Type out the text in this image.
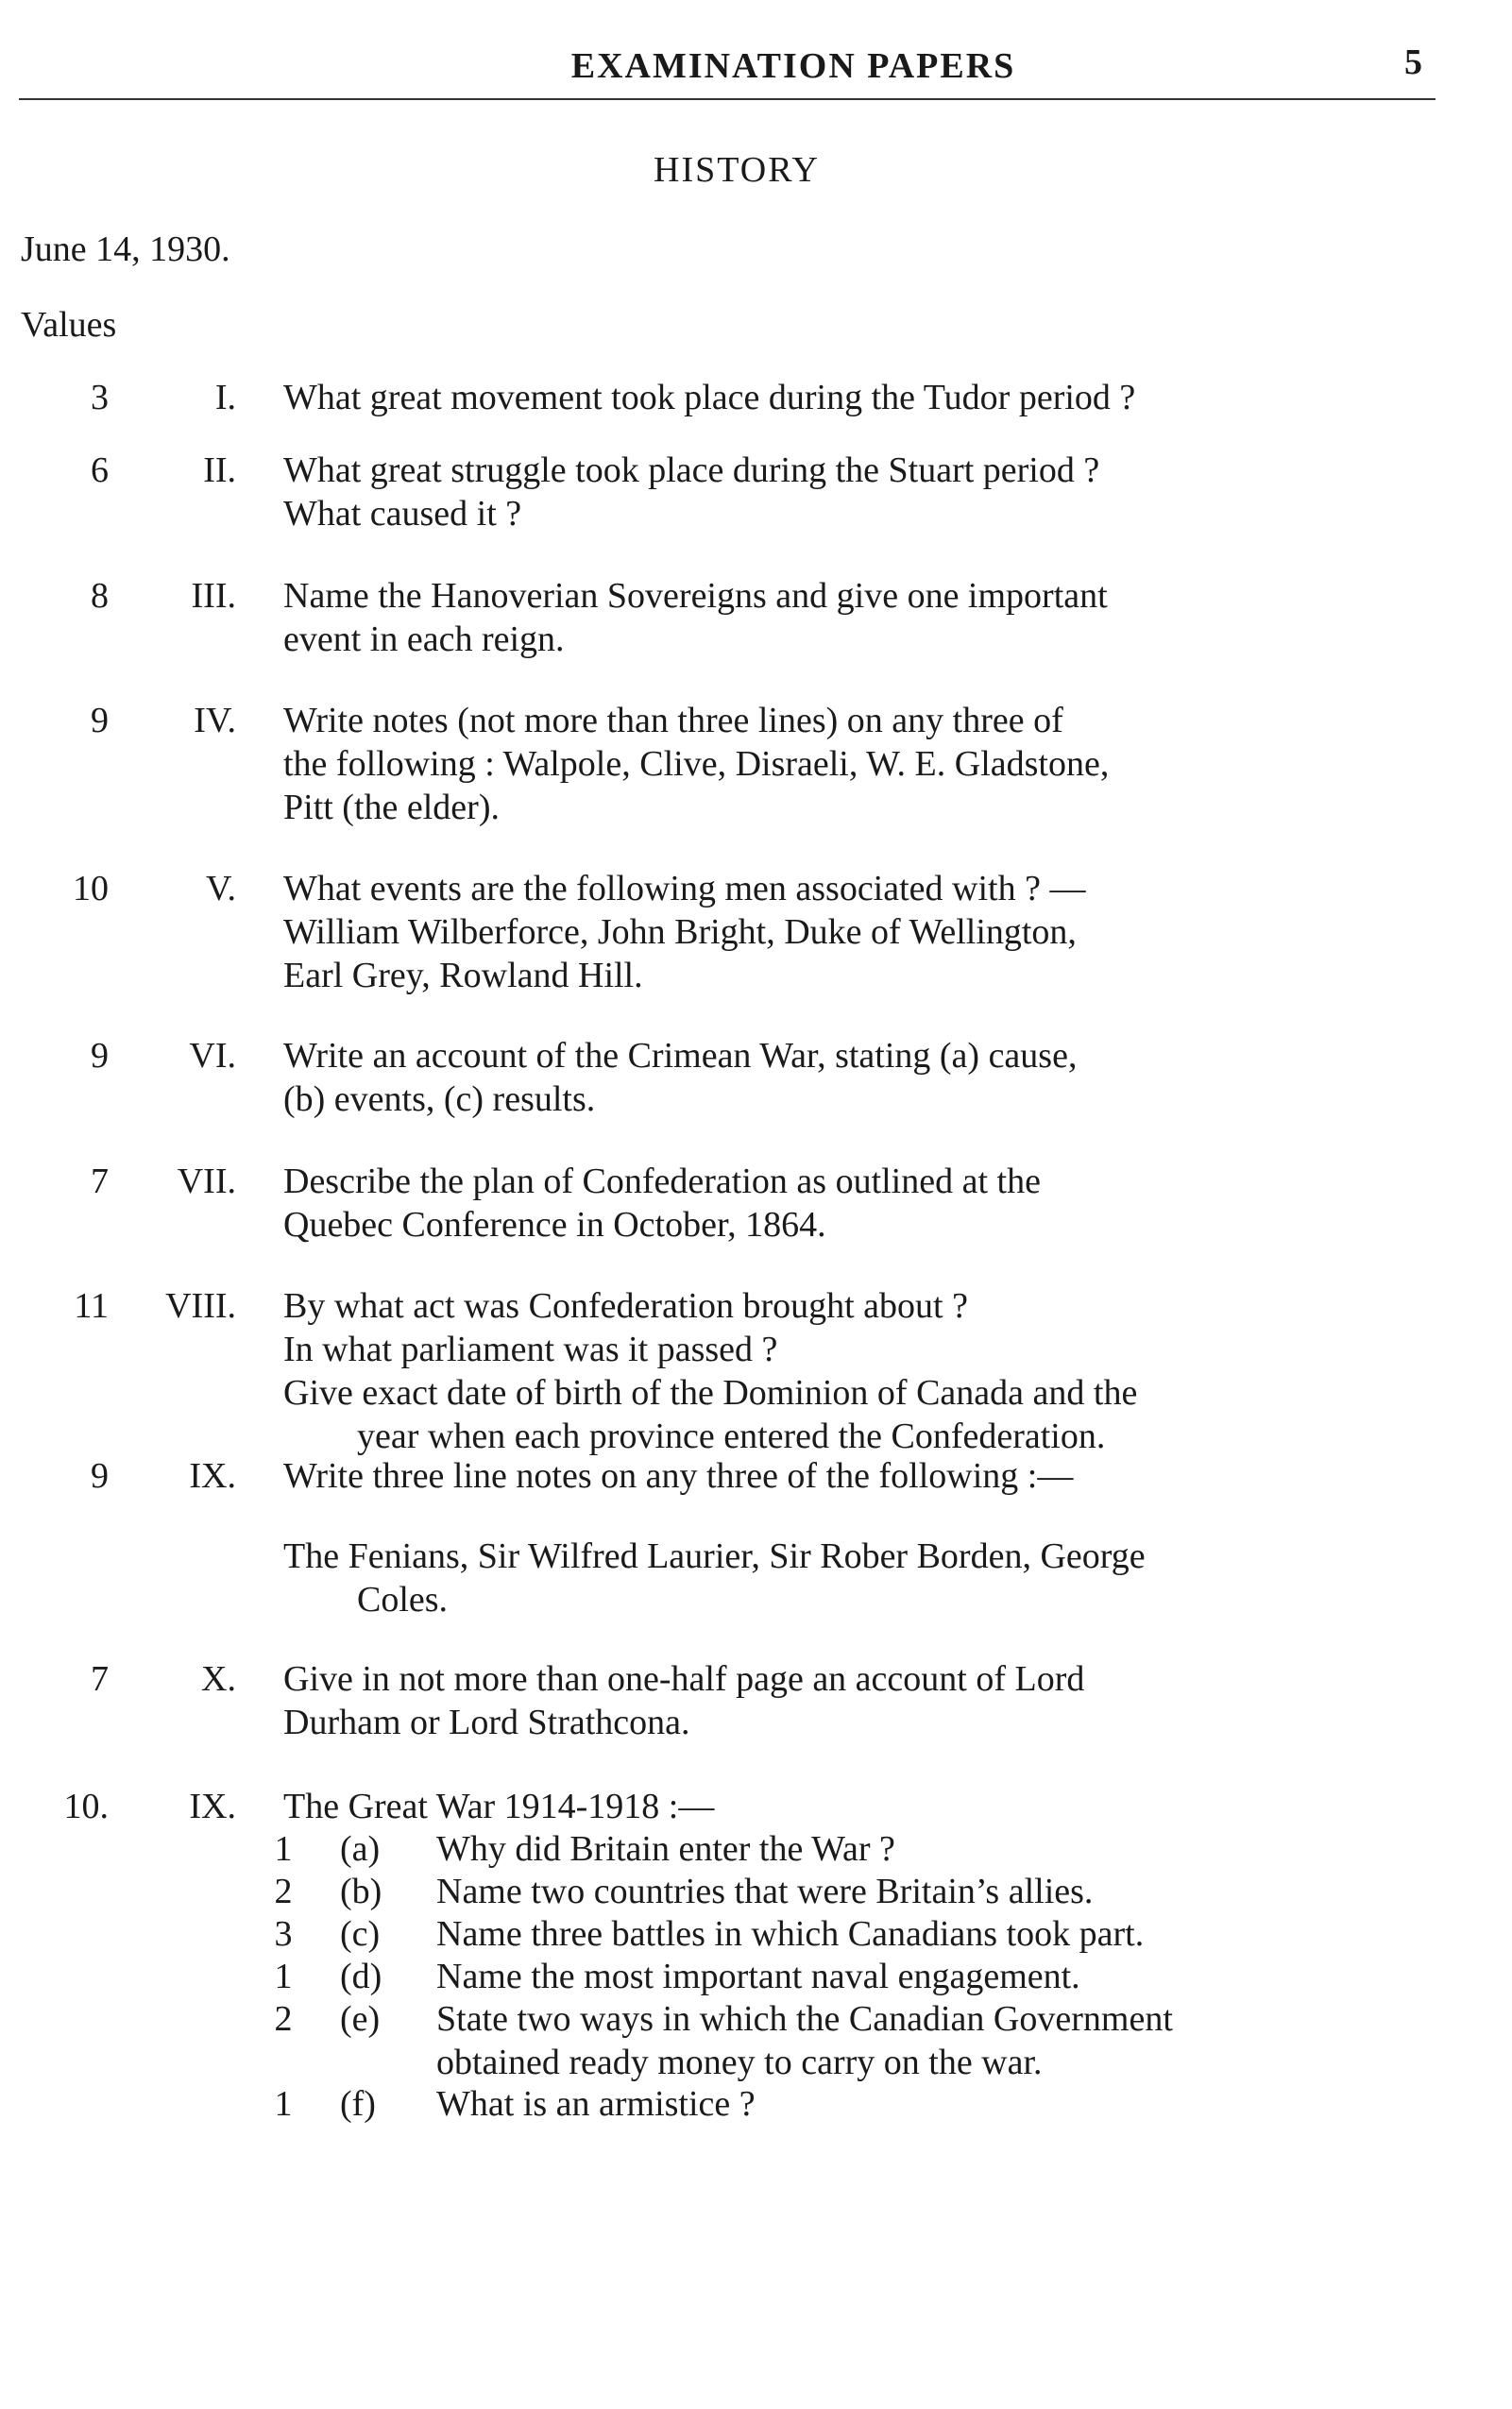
EXAMINATION PAPERS	5
HISTORY
June 14, 1930.
Values
3	I. What great movement took place during the Tudor period ?

6	II. What great struggle took place during the Stuart period ?

What caused it ?

8	III. Name the Hanoverian Sovereigns and give one important

event in each reign.

9	IV. Write notes (not more than three lines) on any three of

the following : Walpole, Clive, Disraeli, W. E. Gladstone,

Pitt (the elder).

10	V. What events are the following men associated with ? —

William Wilberforce, John Bright, Duke of Wellington,

Earl Grey, Rowland Hill.

9	VI. Write an account of the Crimean War, stating (a) cause,

(b) events, (c) results.

7	VII. Describe the plan of Confederation as outlined at the

Quebec Conference in October, 1864.

11	VIII. By what act was Confederation brought about ?

In what parliament was it passed ?

Give exact date of birth of the Dominion of Canada and the

year when each province entered the Confederation.

9	IX. Write three line notes on any three of the following :—

The Fenians, Sir Wilfred Laurier, Sir Rober Borden, George

Coles.

7	X. Give in not more than one-half page an account of Lord

Durham or Lord Strathcona.

10.	IX. The Great War 1914-1918 :—

1	(a)	Why did Britain enter the War ?
2	(b)	Name two countries that were Britain’s allies.
3	(c)	Name three battles in which Canadians took part.
1	(d)	Name the most important naval engagement.
2	(e)	State two ways in which the Canadian Government
obtained ready money to carry on the war.
1	(f)	What is an armistice ?
